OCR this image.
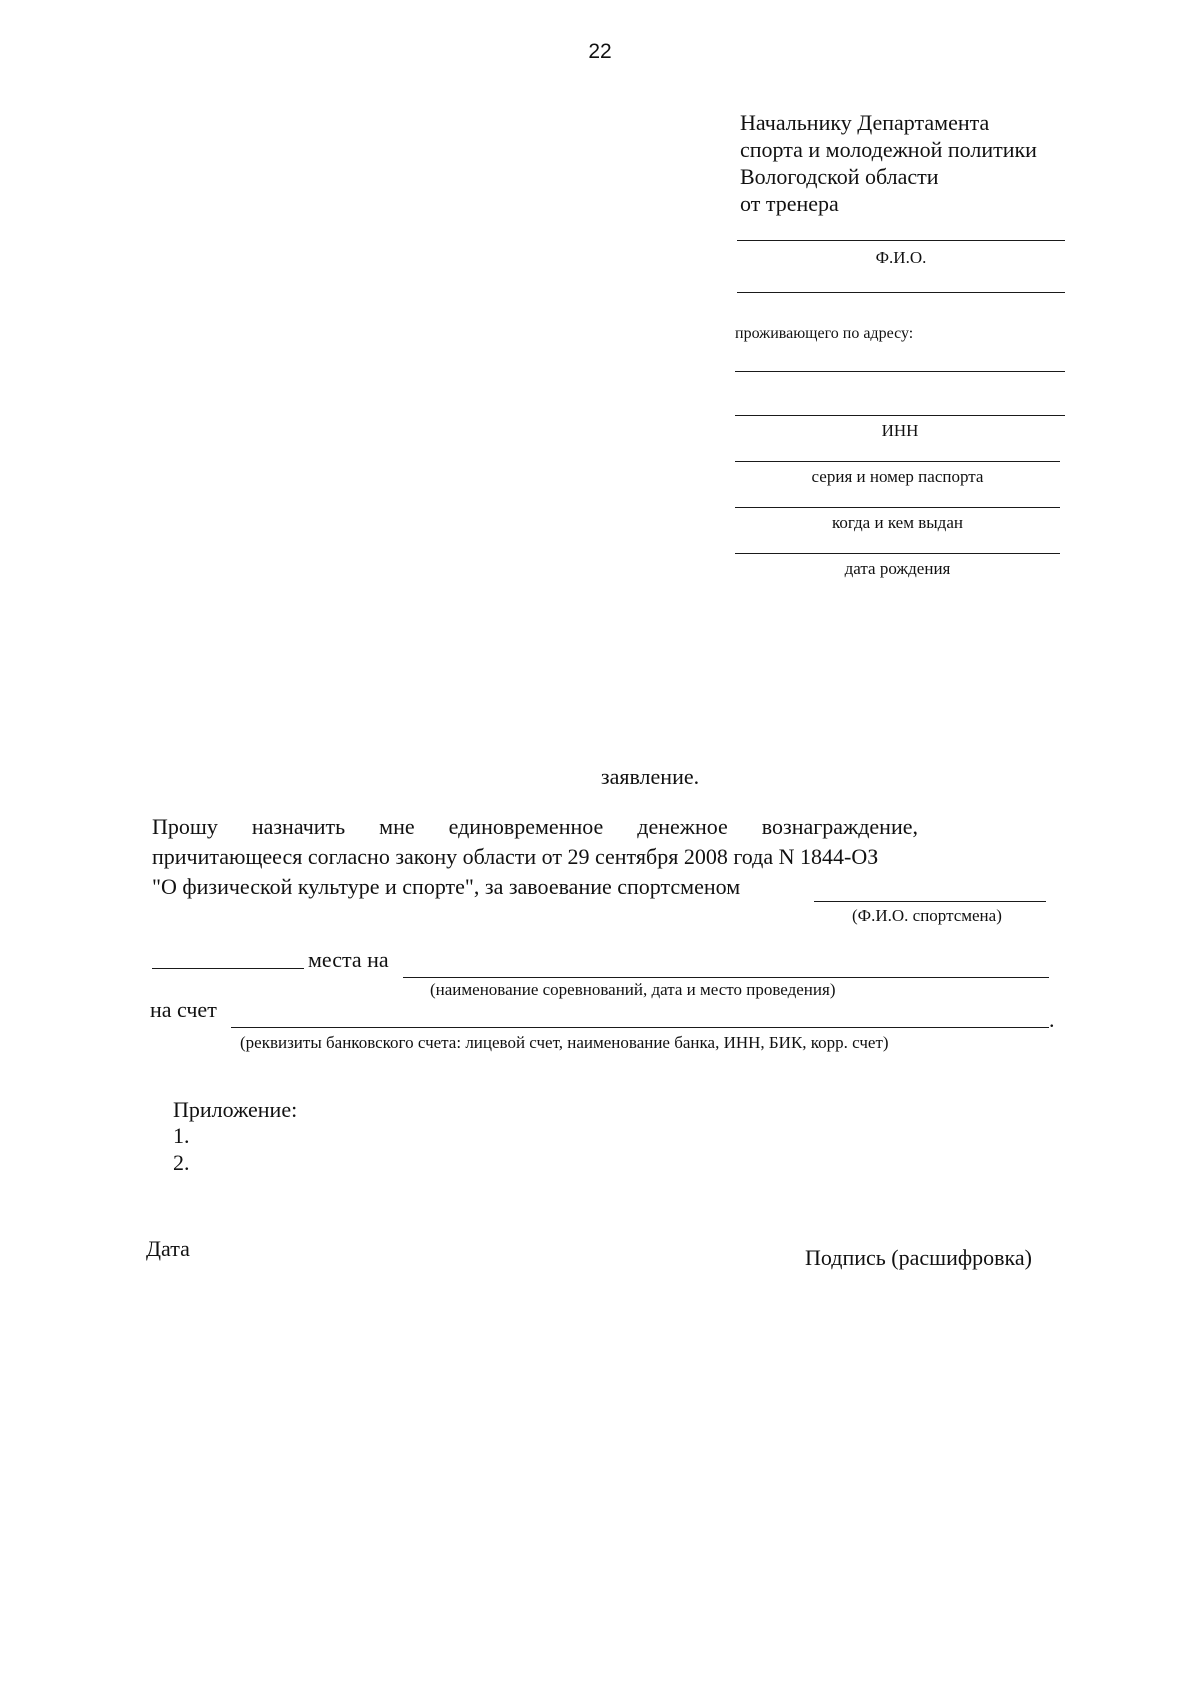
22
Начальнику Департамента
спорта и молодежной политики
Вологодской области
от тренера
Ф.И.О.
проживающего по адресу:
ИНН
серия и номер паспорта
когда и кем выдан
дата рождения
заявление.
Прошу назначить мне единовременное денежное вознаграждение,
причитающееся согласно закону области от 29 сентября 2008 года N 1844-ОЗ
"О физической культуре и спорте", за завоевание спортсменом
(Ф.И.О. спортсмена)
места на
(наименование соревнований, дата и место проведения)
на счет	.
(реквизиты банковского счета: лицевой счет, наименование банка, ИНН, БИК, корр. счет)
Приложение:
1.
2.
Дата	Подпись (расшифровка)
